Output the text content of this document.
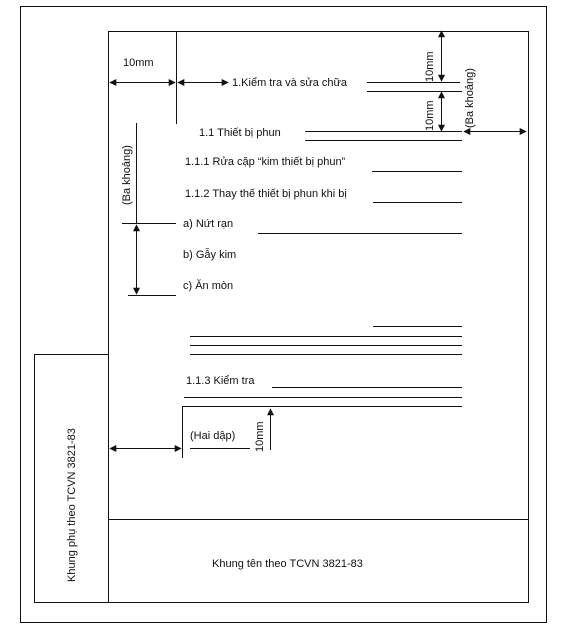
10mm
1.Kiểm tra và sửa chữa
10mm
10mm	(Ba khoảng)
1.1 Thiết bị phun
(Ba khoảng)	1.1.1 Rửa cặp “kim thiết bị phun”
1.1.2 Thay thế thiết bị phun khi bị
a) Nứt rạn
b) Gẫy kim
c) Ăn mòn
1.1.3 Kiểm tra
(Hai dập) 10mm
Khung phụ theo TCVN 3821-83	Khung tên theo TCVN 3821-83
